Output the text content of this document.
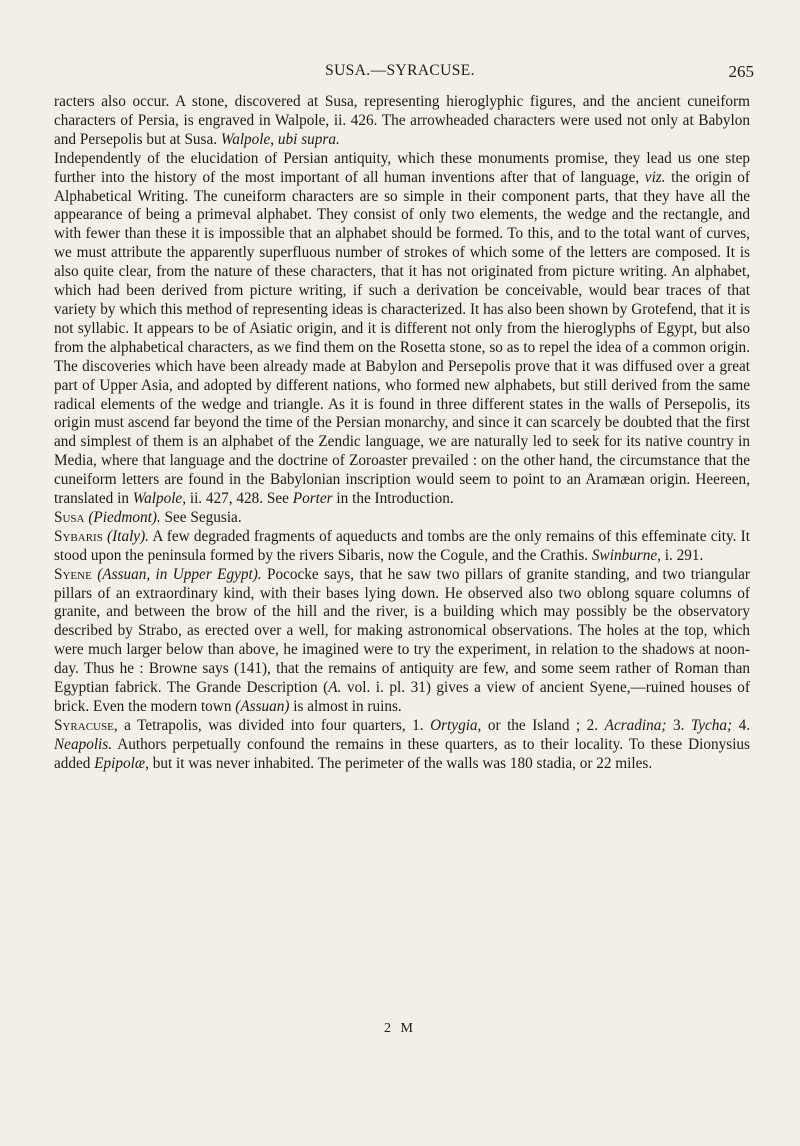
SUSA.—SYRACUSE.	265

racters also occur. A stone, discovered at Susa, representing hieroglyphic figures, and the ancient cuneiform characters of Persia, is engraved in Walpole, ii. 426. The arrowheaded characters were used not only at Babylon and Persepolis but at Susa. Walpole, ubi supra.

Independently of the elucidation of Persian antiquity, which these monuments promise, they lead us one step further into the history of the most important of all human inventions after that of language, viz. the origin of Alphabetical Writing. The cuneiform characters are so simple in their component parts, that they have all the appearance of being a primeval alphabet. They consist of only two elements, the wedge and the rectangle, and with fewer than these it is impossible that an alphabet should be formed. To this, and to the total want of curves, we must attribute the apparently superfluous number of strokes of which some of the letters are composed. It is also quite clear, from the nature of these characters, that it has not originated from picture writing. An alphabet, which had been derived from picture writing, if such a derivation be conceivable, would bear traces of that variety by which this method of representing ideas is characterized. It has also been shown by Grotefend, that it is not syllabic. It appears to be of Asiatic origin, and it is different not only from the hieroglyphs of Egypt, but also from the alphabetical characters, as we find them on the Rosetta stone, so as to repel the idea of a common origin. The discoveries which have been already made at Babylon and Persepolis prove that it was diffused over a great part of Upper Asia, and adopted by different nations, who formed new alphabets, but still derived from the same radical elements of the wedge and triangle. As it is found in three different states in the walls of Persepolis, its origin must ascend far beyond the time of the Persian monarchy, and since it can scarcely be doubted that the first and simplest of them is an alphabet of the Zendic language, we are naturally led to seek for its native country in Media, where that language and the doctrine of Zoroaster prevailed : on the other hand, the circumstance that the cuneiform letters are found in the Babylonian inscription would seem to point to an Aramæan origin. Heereen, translated in Walpole, ii. 427, 428. See Porter in the Introduction.

Susa (Piedmont). See Segusia.

Sybaris (Italy). A few degraded fragments of aqueducts and tombs are the only remains of this effeminate city. It stood upon the peninsula formed by the rivers Sibaris, now the Cogule, and the Crathis. Swinburne, i. 291.

Syene (Assuan, in Upper Egypt). Pococke says, that he saw two pillars of granite standing, and two triangular pillars of an extraordinary kind, with their bases lying down. He observed also two oblong square columns of granite, and between the brow of the hill and the river, is a building which may possibly be the observatory described by Strabo, as erected over a well, for making astronomical observations. The holes at the top, which were much larger below than above, he imagined were to try the experiment, in relation to the shadows at noon-day. Thus he : Browne says (141), that the remains of antiquity are few, and some seem rather of Roman than Egyptian fabrick. The Grande Description (A. vol. i. pl. 31) gives a view of ancient Syene,—ruined houses of brick. Even the modern town (Assuan) is almost in ruins.

Syracuse, a Tetrapolis, was divided into four quarters, 1. Ortygia, or the Island ; 2. Acradina; 3. Tycha; 4. Neapolis. Authors perpetually confound the remains in these quarters, as to their locality. To these Dionysius added Epipolæ, but it was never inhabited. The perimeter of the walls was 180 stadia, or 22 miles.

2 M
